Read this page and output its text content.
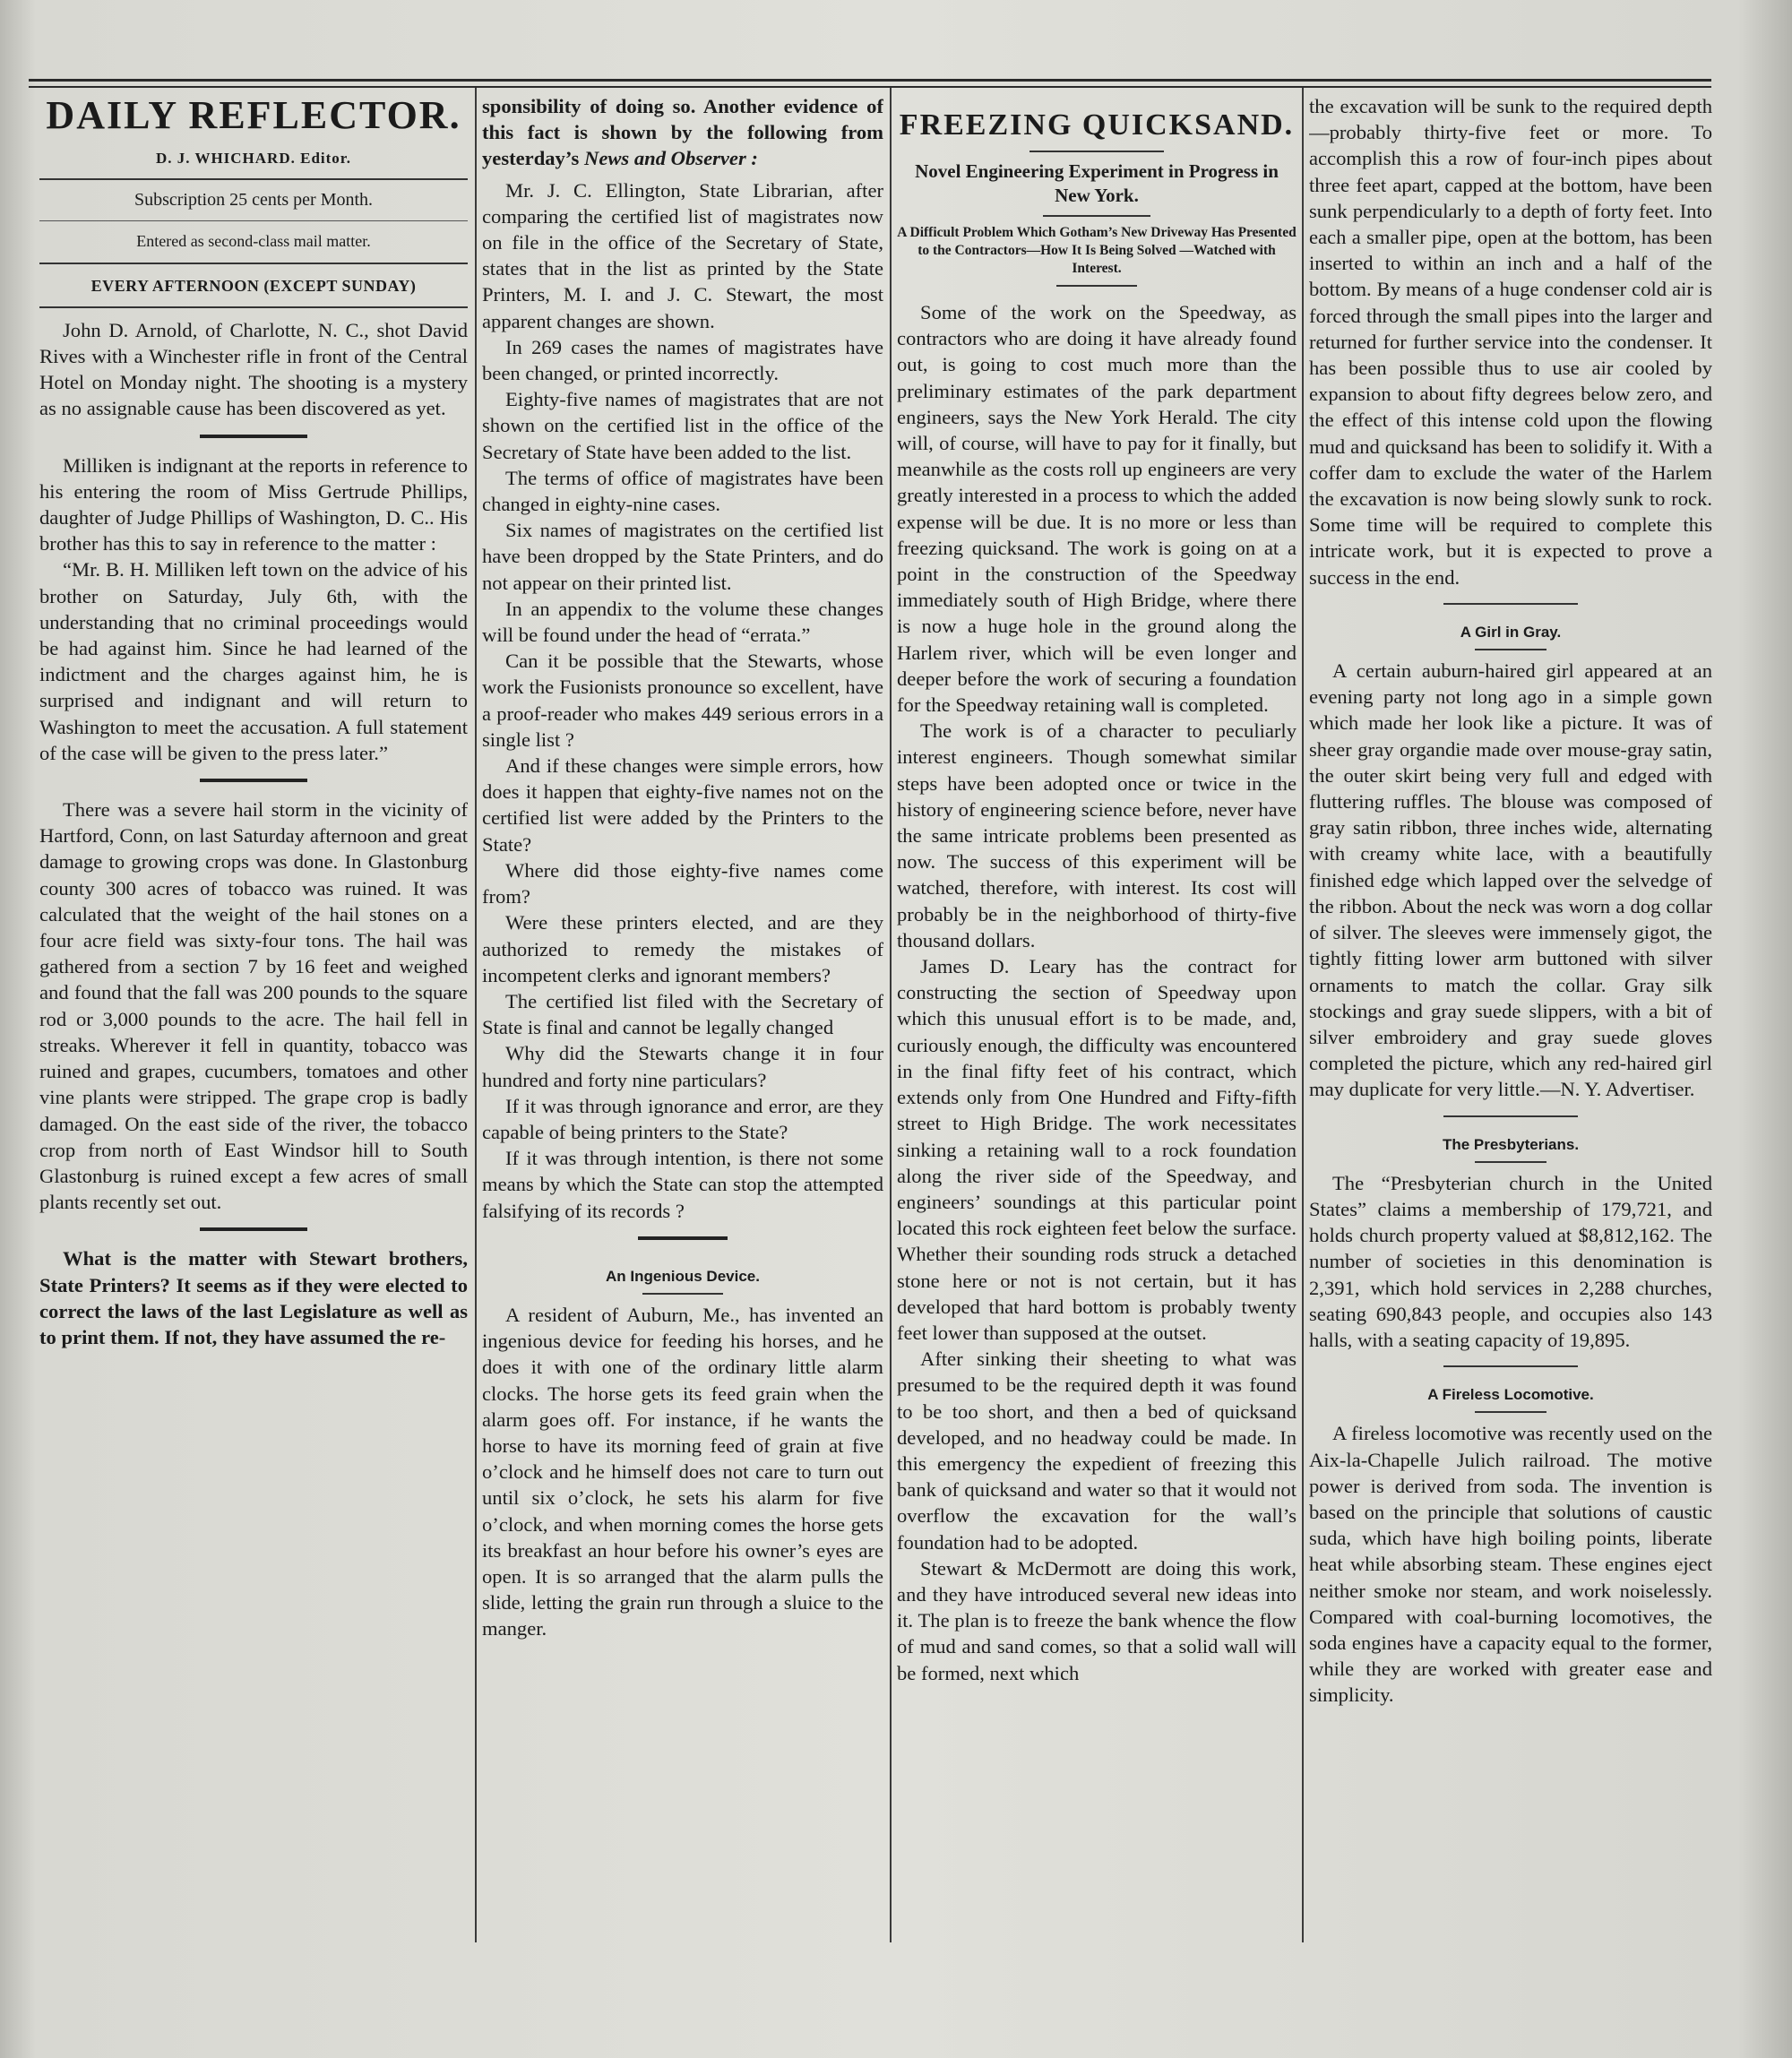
DAILY REFLECTOR.

D. J. WHICHARD. Editor.

Subscription 25 cents per Month.

Entered as second-class mail matter.

EVERY AFTERNOON (EXCEPT SUNDAY)

John D. Arnold, of Charlotte, N. C., shot David Rives with a Winchester rifle in front of the Central Hotel on Monday night. The shooting is a mystery as no assignable cause has been discovered as yet.

Milliken is indignant at the reports in reference to his entering the room of Miss Gertrude Phillips, daughter of Judge Phillips of Washington, D. C.. His brother has this to say in reference to the matter :

“Mr. B. H. Milliken left town on the advice of his brother on Saturday, July 6th, with the understanding that no criminal proceedings would be had against him. Since he had learned of the indictment and the charges against him, he is surprised and indignant and will return to Washington to meet the accusation. A full statement of the case will be given to the press later.”

There was a severe hail storm in the vicinity of Hartford, Conn, on last Saturday afternoon and great damage to growing crops was done. In Glastonburg county 300 acres of tobacco was ruined. It was calculated that the weight of the hail stones on a four acre field was sixty-four tons. The hail was gathered from a section 7 by 16 feet and weighed and found that the fall was 200 pounds to the square rod or 3,000 pounds to the acre. The hail fell in streaks. Wherever it fell in quantity, tobacco was ruined and grapes, cucumbers, tomatoes and other vine plants were stripped. The grape crop is badly damaged. On the east side of the river, the tobacco crop from north of East Windsor hill to South Glastonburg is ruined except a few acres of small plants recently set out.

What is the matter with Stewart brothers, State Printers? It seems as if they were elected to correct the laws of the last Legislature as well as to print them. If not, they have assumed the re-

sponsibility of doing so. Another evidence of this fact is shown by the following from yesterday’s News and Observer :

Mr. J. C. Ellington, State Librarian, after comparing the certified list of magistrates now on file in the office of the Secretary of State, states that in the list as printed by the State Printers, M. I. and J. C. Stewart, the most apparent changes are shown.

In 269 cases the names of magistrates have been changed, or printed incorrectly.

Eighty-five names of magistrates that are not shown on the certified list in the office of the Secretary of State have been added to the list.

The terms of office of magistrates have been changed in eighty-nine cases.

Six names of magistrates on the certified list have been dropped by the State Printers, and do not appear on their printed list.

In an appendix to the volume these changes will be found under the head of “errata.”

Can it be possible that the Stewarts, whose work the Fusionists pronounce so excellent, have a proof-reader who makes 449 serious errors in a single list ?

And if these changes were simple errors, how does it happen that eighty-five names not on the certified list were added by the Printers to the State?

Where did those eighty-five names come from?

Were these printers elected, and are they authorized to remedy the mistakes of incompetent clerks and ignorant members?

The certified list filed with the Secretary of State is final and cannot be legally changed

Why did the Stewarts change it in four hundred and forty nine particulars?

If it was through ignorance and error, are they capable of being printers to the State?

If it was through intention, is there not some means by which the State can stop the attempted falsifying of its records ?

An Ingenious Device.

A resident of Auburn, Me., has invented an ingenious device for feeding his horses, and he does it with one of the ordinary little alarm clocks. The horse gets its feed grain when the alarm goes off. For instance, if he wants the horse to have its morning feed of grain at five o’clock and he himself does not care to turn out until six o’clock, he sets his alarm for five o’clock, and when morning comes the horse gets its breakfast an hour before his owner’s eyes are open. It is so arranged that the alarm pulls the slide, letting the grain run through a sluice to the manger.

FREEZING QUICKSAND.
Novel Engineering Experiment in Progress in New York.
A Difficult Problem Which Gotham’s New Driveway Has Presented to the Contractors—How It Is Being Solved —Watched with Interest.

Some of the work on the Speedway, as contractors who are doing it have already found out, is going to cost much more than the preliminary estimates of the park department engineers, says the New York Herald. The city will, of course, will have to pay for it finally, but meanwhile as the costs roll up engineers are very greatly interested in a process to which the added expense will be due. It is no more or less than freezing quicksand. The work is going on at a point in the construction of the Speedway immediately south of High Bridge, where there is now a huge hole in the ground along the Harlem river, which will be even longer and deeper before the work of securing a foundation for the Speedway retaining wall is completed.

The work is of a character to peculiarly interest engineers. Though somewhat similar steps have been adopted once or twice in the history of engineering science before, never have the same intricate problems been presented as now. The success of this experiment will be watched, therefore, with interest. Its cost will probably be in the neighborhood of thirty-five thousand dollars.

James D. Leary has the contract for constructing the section of Speedway upon which this unusual effort is to be made, and, curiously enough, the difficulty was encountered in the final fifty feet of his contract, which extends only from One Hundred and Fifty-fifth street to High Bridge. The work necessitates sinking a retaining wall to a rock foundation along the river side of the Speedway, and engineers’ soundings at this particular point located this rock eighteen feet below the surface. Whether their sounding rods struck a detached stone here or not is not certain, but it has developed that hard bottom is probably twenty feet lower than supposed at the outset.

After sinking their sheeting to what was presumed to be the required depth it was found to be too short, and then a bed of quicksand developed, and no headway could be made. In this emergency the expedient of freezing this bank of quicksand and water so that it would not overflow the excavation for the wall’s foundation had to be adopted.

Stewart & McDermott are doing this work, and they have introduced several new ideas into it. The plan is to freeze the bank whence the flow of mud and sand comes, so that a solid wall will be formed, next which

the excavation will be sunk to the required depth—probably thirty-five feet or more. To accomplish this a row of four-inch pipes about three feet apart, capped at the bottom, have been sunk perpendicularly to a depth of forty feet. Into each a smaller pipe, open at the bottom, has been inserted to within an inch and a half of the bottom. By means of a huge condenser cold air is forced through the small pipes into the larger and returned for further service into the condenser. It has been possible thus to use air cooled by expansion to about fifty degrees below zero, and the effect of this intense cold upon the flowing mud and quicksand has been to solidify it. With a coffer dam to exclude the water of the Harlem the excavation is now being slowly sunk to rock. Some time will be required to complete this intricate work, but it is expected to prove a success in the end.

A Girl in Gray.

A certain auburn-haired girl appeared at an evening party not long ago in a simple gown which made her look like a picture. It was of sheer gray organdie made over mouse-gray satin, the outer skirt being very full and edged with fluttering ruffles. The blouse was composed of gray satin ribbon, three inches wide, alternating with creamy white lace, with a beautifully finished edge which lapped over the selvedge of the ribbon. About the neck was worn a dog collar of silver. The sleeves were immensely gigot, the tightly fitting lower arm buttoned with silver ornaments to match the collar. Gray silk stockings and gray suede slippers, with a bit of silver embroidery and gray suede gloves completed the picture, which any red-haired girl may duplicate for very little.—N. Y. Advertiser.

The Presbyterians.

The “Presbyterian church in the United States” claims a membership of 179,721, and holds church property valued at $8,812,162. The number of societies in this denomination is 2,391, which hold services in 2,288 churches, seating 690,843 people, and occupies also 143 halls, with a seating capacity of 19,895.

A Fireless Locomotive.

A fireless locomotive was recently used on the Aix-la-Chapelle Julich railroad. The motive power is derived from soda. The invention is based on the principle that solutions of caustic suda, which have high boiling points, liberate heat while absorbing steam. These engines eject neither smoke nor steam, and work noiselessly. Compared with coal-burning locomotives, the soda engines have a capacity equal to the former, while they are worked with greater ease and simplicity.
